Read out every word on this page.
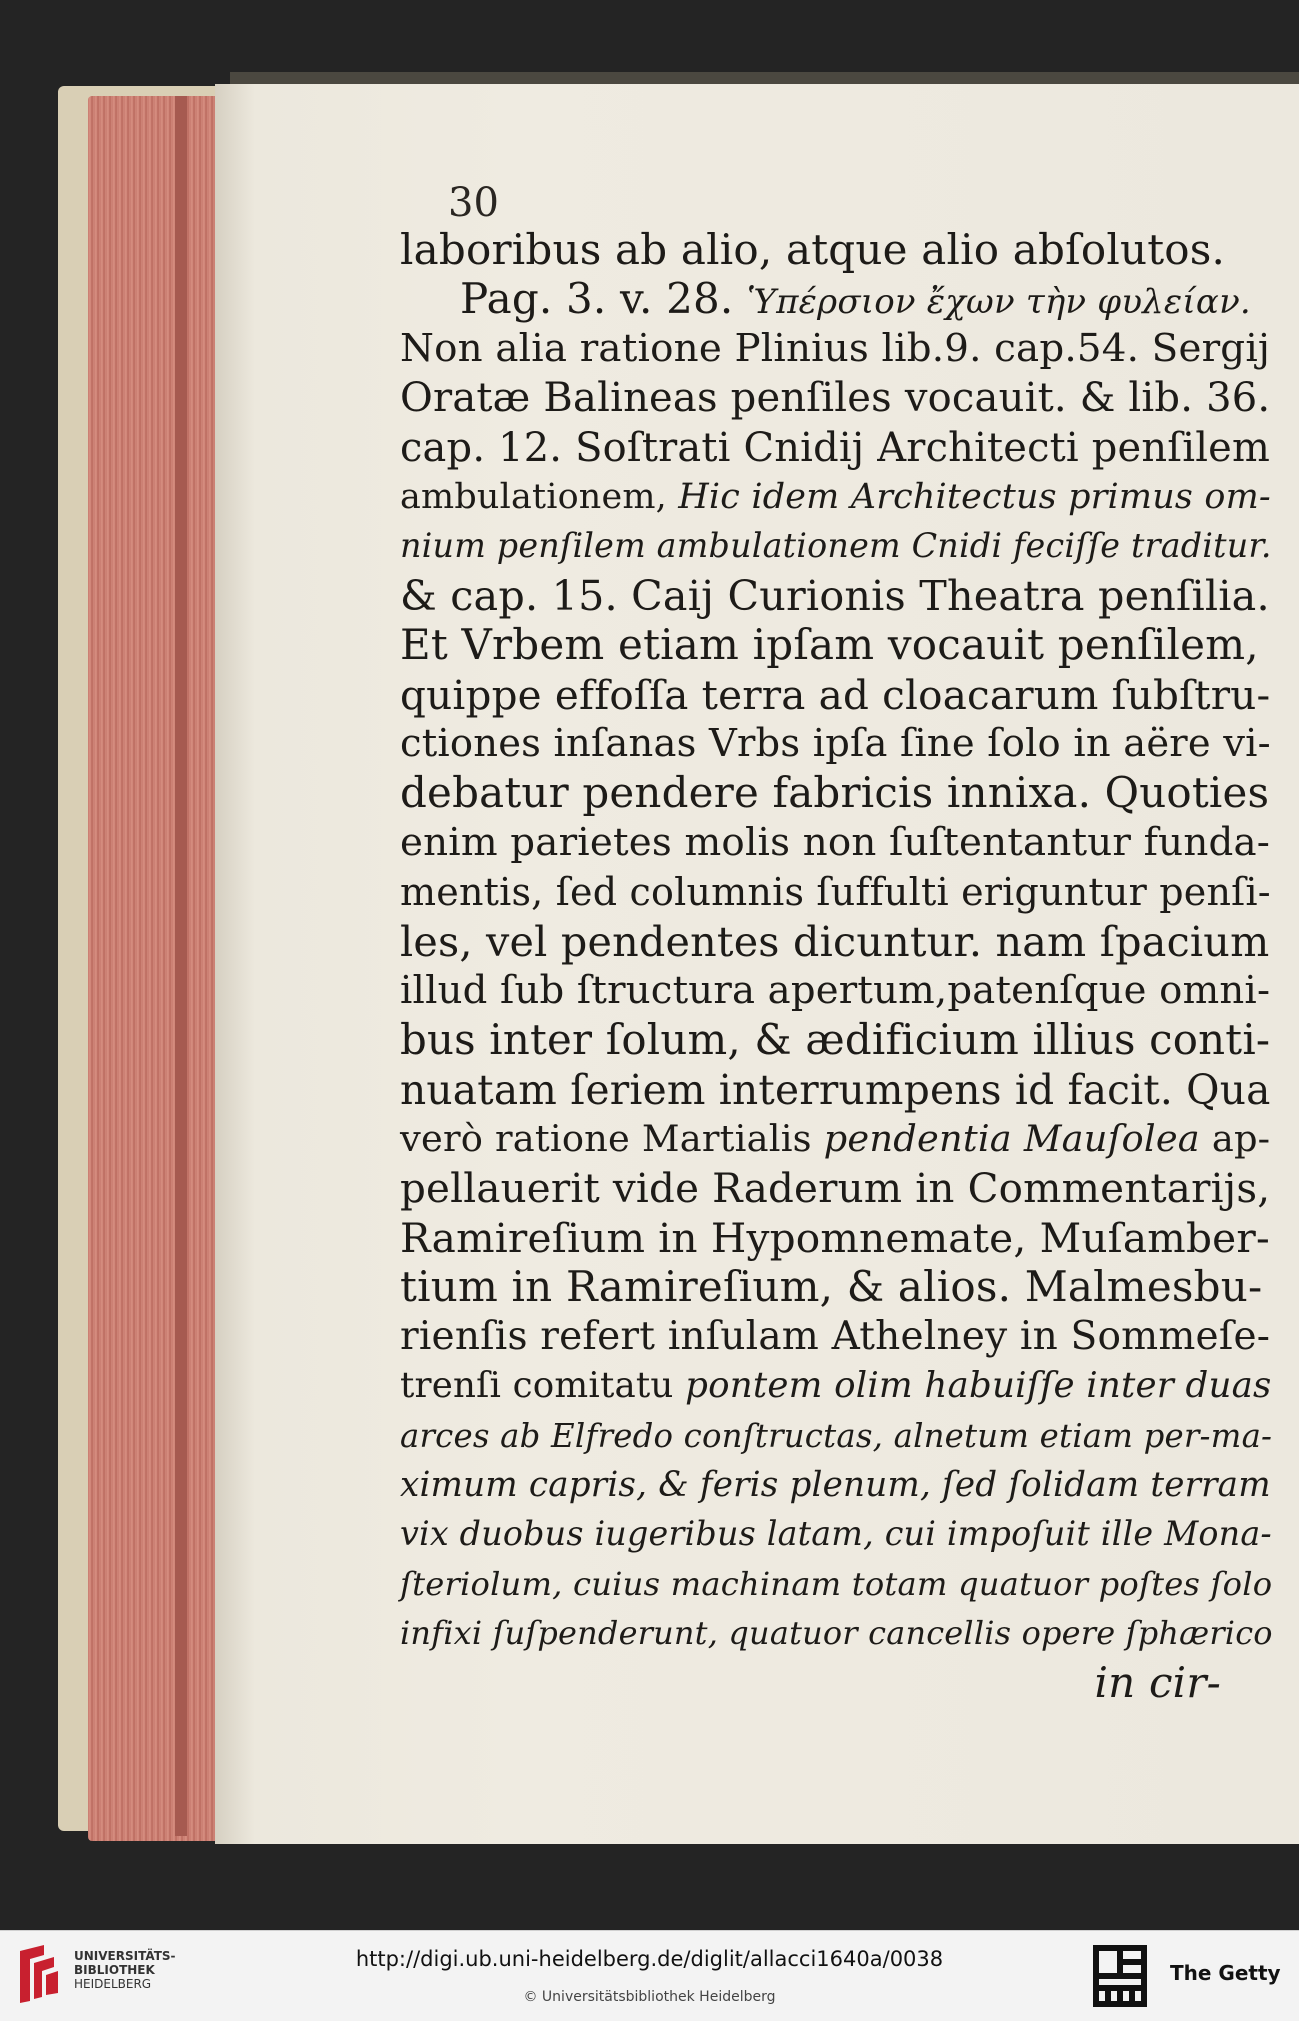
30
laboribus ab alio, atque alio abſolutos.
Pag. 3. v. 28. Ὑπέρσιον ἔχων τὴν φυλείαν.
Non alia ratione Plinius lib.9. cap.54. Sergij
Oratæ Balineas penſiles vocauit. & lib. 36.
cap. 12. Soſtrati Cnidij Architecti penſilem
ambulationem, Hic idem Architectus primus om-
nium penſilem ambulationem Cnidi feciſſe traditur.
& cap. 15. Caij Curionis Theatra penſilia.
Et Vrbem etiam ipſam vocauit penſilem,
quippe effoſſa terra ad cloacarum ſubſtru-
ctiones inſanas Vrbs ipſa ſine ſolo in aëre vi-
debatur pendere fabricis innixa. Quoties
enim parietes molis non ſuſtentantur funda-
mentis, ſed columnis ſuffulti eriguntur penſi-
les, vel pendentes dicuntur. nam ſpacium
illud ſub ſtructura apertum,patenſque omni-
bus inter ſolum, & ædificium illius conti-
nuatam ſeriem interrumpens id facit. Qua
verò ratione Martialis pendentia Mauſolea ap-
pellauerit vide Raderum in Commentarijs,
Ramireſium in Hypomnemate, Muſamber-
tium in Ramireſium, & alios. Malmesbu-
rienſis refert inſulam Athelney in Sommeſe-
trenſi comitatu pontem olim habuiſſe inter duas
arces ab Elfredo conſtructas, alnetum etiam per-ma-
ximum capris, & feris plenum, ſed ſolidam terram
vix duobus iugeribus latam, cui impoſuit ille Mona-
ſteriolum, cuius machinam totam quatuor poſtes ſolo
infixi ſuſpenderunt, quatuor cancellis opere ſphærico
in cir-
UNIVERSITÄTS-
BIBLIOTHEK
HEIDELBERG
http://digi.ub.uni-heidelberg.de/diglit/allacci1640a/0038
© Universitätsbibliothek Heidelberg
The Getty
